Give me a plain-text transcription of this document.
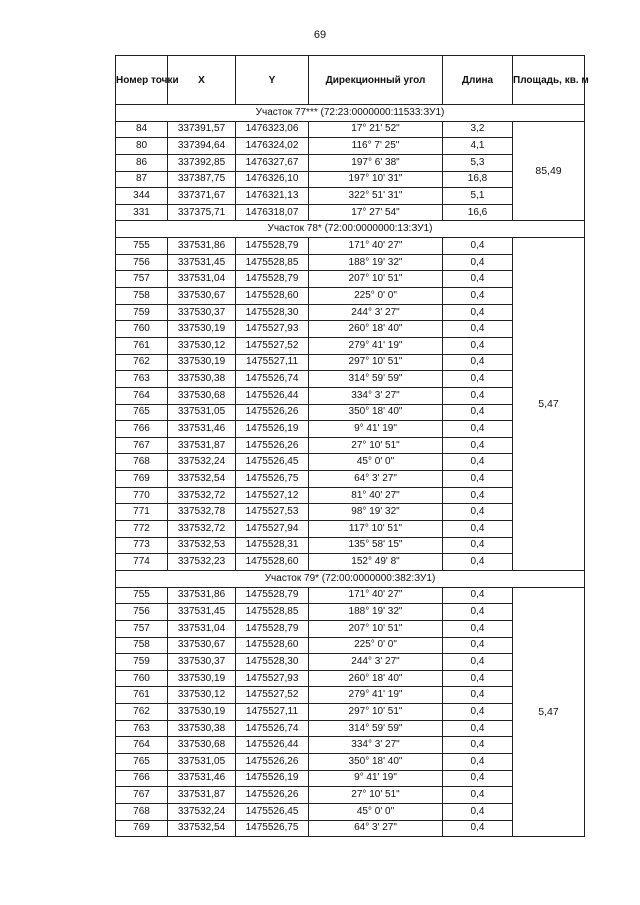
69
Номер точки	X	Y	Дирекционный угол	Длина	Площадь, кв. м
Участок 77*** (72:23:0000000:11533:ЗУ1)					
84	337391,57	1476323,06	17° 21' 52"	3,2	85,49
80	337394,64	1476324,02	116° 7' 25"	4,1	
86	337392,85	1476327,67	197° 6' 38"	5,3	
87	337387,75	1476326,10	197° 10' 31"	16,8	
344	337371,67	1476321,13	322° 51' 31"	5,1	
331	337375,71	1476318,07	17° 27' 54"	16,6	
Участок 78* (72:00:0000000:13:ЗУ1)					
755	337531,86	1475528,79	171° 40' 27"	0,4	5,47
756	337531,45	1475528,85	188° 19' 32"	0,4	
757	337531,04	1475528,79	207° 10' 51"	0,4	
758	337530,67	1475528,60	225° 0' 0"	0,4	
759	337530,37	1475528,30	244° 3' 27"	0,4	
760	337530,19	1475527,93	260° 18' 40"	0,4	
761	337530,12	1475527,52	279° 41' 19"	0,4	
762	337530,19	1475527,11	297° 10' 51"	0,4	
763	337530,38	1475526,74	314° 59' 59"	0,4	
764	337530,68	1475526,44	334° 3' 27"	0,4	
765	337531,05	1475526,26	350° 18' 40"	0,4	
766	337531,46	1475526,19	9° 41' 19"	0,4	
767	337531,87	1475526,26	27° 10' 51"	0,4	
768	337532,24	1475526,45	45° 0' 0"	0,4	
769	337532,54	1475526,75	64° 3' 27"	0,4	
770	337532,72	1475527,12	81° 40' 27"	0,4	
771	337532,78	1475527,53	98° 19' 32"	0,4	
772	337532,72	1475527,94	117° 10' 51"	0,4	
773	337532,53	1475528,31	135° 58' 15"	0,4	
774	337532,23	1475528,60	152° 49' 8"	0,4	
Участок 79* (72:00:0000000:382:ЗУ1)					
755	337531,86	1475528,79	171° 40' 27"	0,4	5,47
756	337531,45	1475528,85	188° 19' 32"	0,4	
757	337531,04	1475528,79	207° 10' 51"	0,4	
758	337530,67	1475528,60	225° 0' 0"	0,4	
759	337530,37	1475528,30	244° 3' 27"	0,4	
760	337530,19	1475527,93	260° 18' 40"	0,4	
761	337530,12	1475527,52	279° 41' 19"	0,4	
762	337530,19	1475527,11	297° 10' 51"	0,4	
763	337530,38	1475526,74	314° 59' 59"	0,4	
764	337530,68	1475526,44	334° 3' 27"	0,4	
765	337531,05	1475526,26	350° 18' 40"	0,4	
766	337531,46	1475526,19	9° 41' 19"	0,4	
767	337531,87	1475526,26	27° 10' 51"	0,4	
768	337532,24	1475526,45	45° 0' 0"	0,4	
769	337532,54	1475526,75	64° 3' 27"	0,4	
